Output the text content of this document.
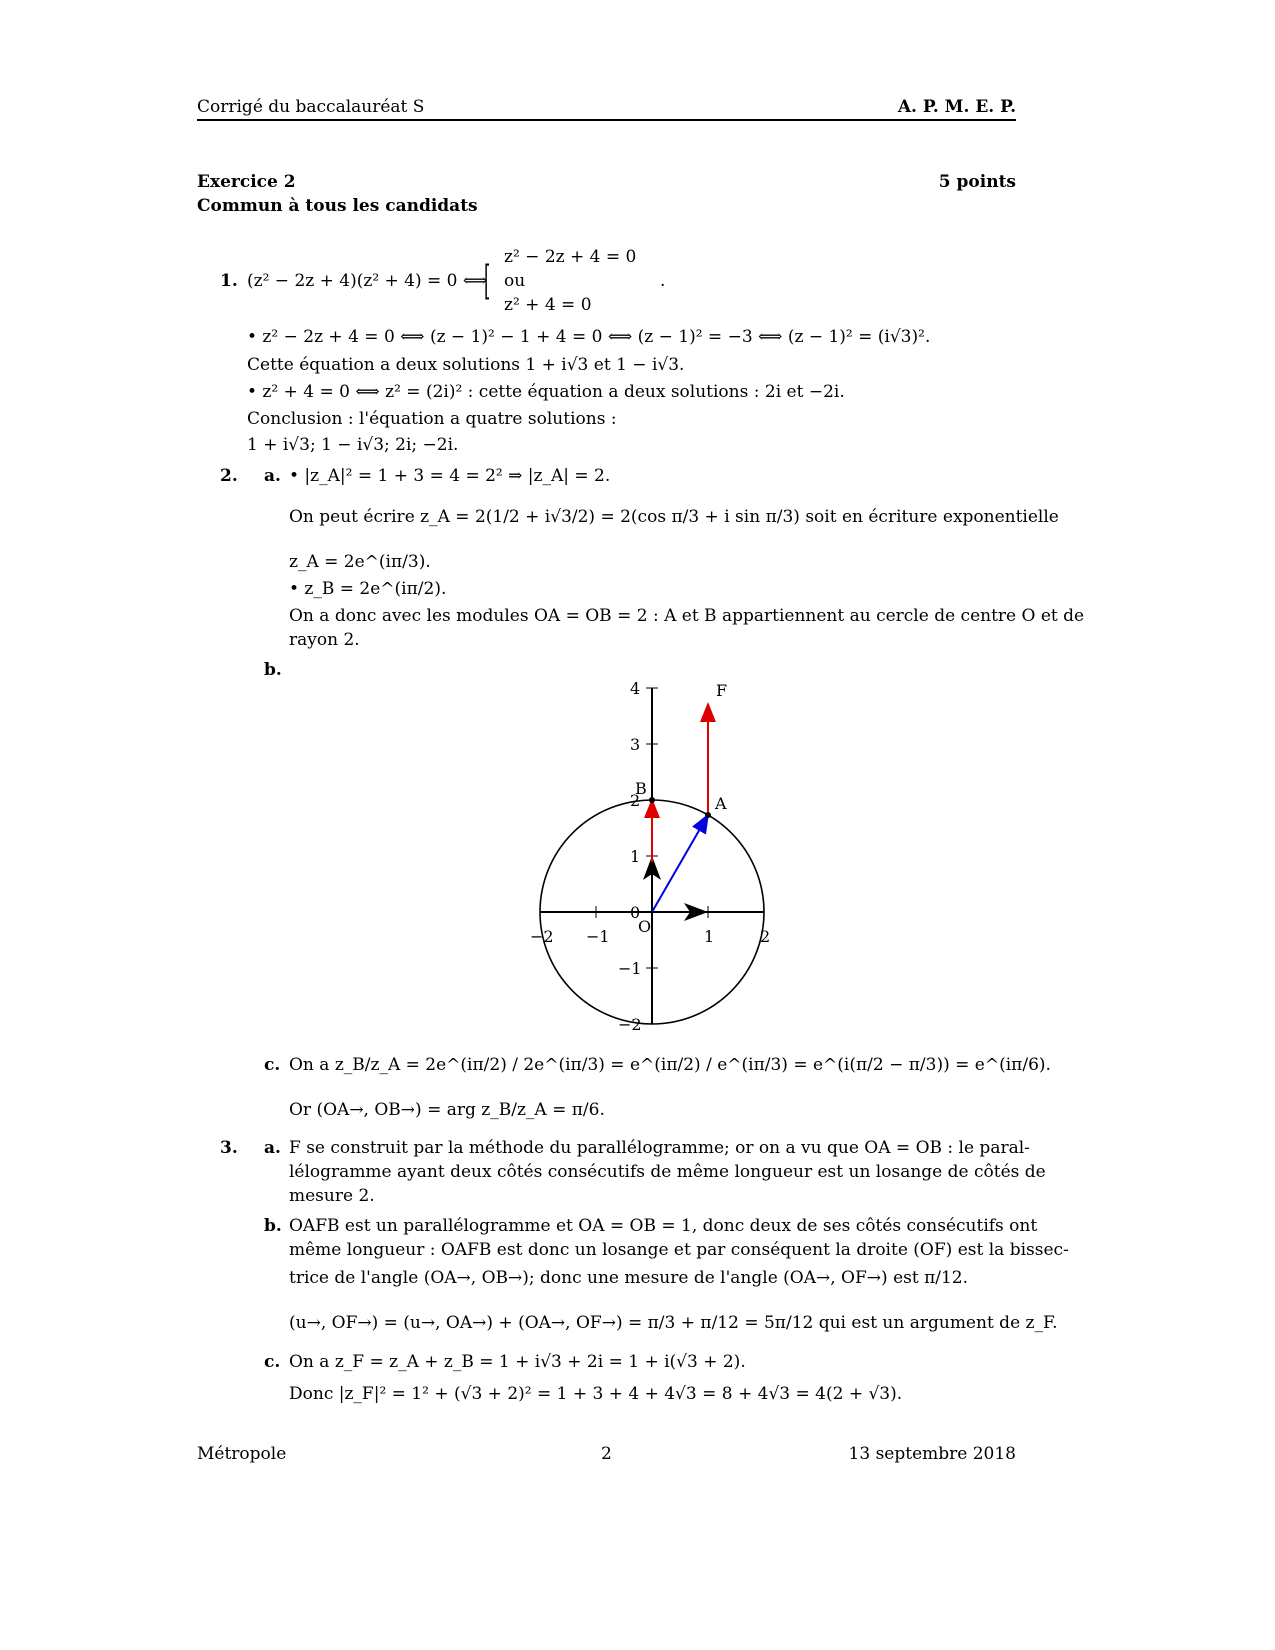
Corrigé du baccalauréat S	A. P. M. E. P.
Exercice 2	5 points
Commun à tous les candidats
1. (z² − 2z + 4)(z² + 4) = 0 ⟺
[
z² − 2z + 4 = 0
ou
z² + 4 = 0
.
• z² − 2z + 4 = 0 ⟺ (z − 1)² − 1 + 4 = 0 ⟺ (z − 1)² = −3 ⟺ (z − 1)² = (i√3)².
Cette équation a deux solutions 1 + i√3 et 1 − i√3.
• z² + 4 = 0 ⟺ z² = (2i)² : cette équation a deux solutions : 2i et −2i.
Conclusion : l'équation a quatre solutions :
1 + i√3; 1 − i√3; 2i; −2i.
2. a. • |z_A|² = 1 + 3 = 4 = 2² ⇒ |z_A| = 2.
On peut écrire z_A = 2(1/2 + i√3/2) = 2(cos π/3 + i sin π/3) soit en écriture exponentielle
z_A = 2e^(iπ/3).
• z_B = 2e^(iπ/2).
On a donc avec les modules OA = OB = 2 : A et B appartiennent au cercle de centre O et de
rayon 2.
b.
4
3
2
1
0
−1
−2
−2 −1	1	2
O
A
B
F
c. On a z_B/z_A = 2e^(iπ/2) / 2e^(iπ/3) = e^(iπ/2) / e^(iπ/3) = e^(i(π/2 − π/3)) = e^(iπ/6).
Or (OA→, OB→) = arg z_B/z_A = π/6.
3. a. F se construit par la méthode du parallélogramme; or on a vu que OA = OB : le paral-
lélogramme ayant deux côtés consécutifs de même longueur est un losange de côtés de
mesure 2.
b. OAFB est un parallélogramme et OA = OB = 1, donc deux de ses côtés consécutifs ont
même longueur : OAFB est donc un losange et par conséquent la droite (OF) est la bissec-
trice de l'angle (OA→, OB→); donc une mesure de l'angle (OA→, OF→) est π/12.
(u→, OF→) = (u→, OA→) + (OA→, OF→) = π/3 + π/12 = 5π/12 qui est un argument de z_F.
c. On a z_F = z_A + z_B = 1 + i√3 + 2i = 1 + i(√3 + 2).
Donc |z_F|² = 1² + (√3 + 2)² = 1 + 3 + 4 + 4√3 = 8 + 4√3 = 4(2 + √3).
Métropole	2	13 septembre 2018
